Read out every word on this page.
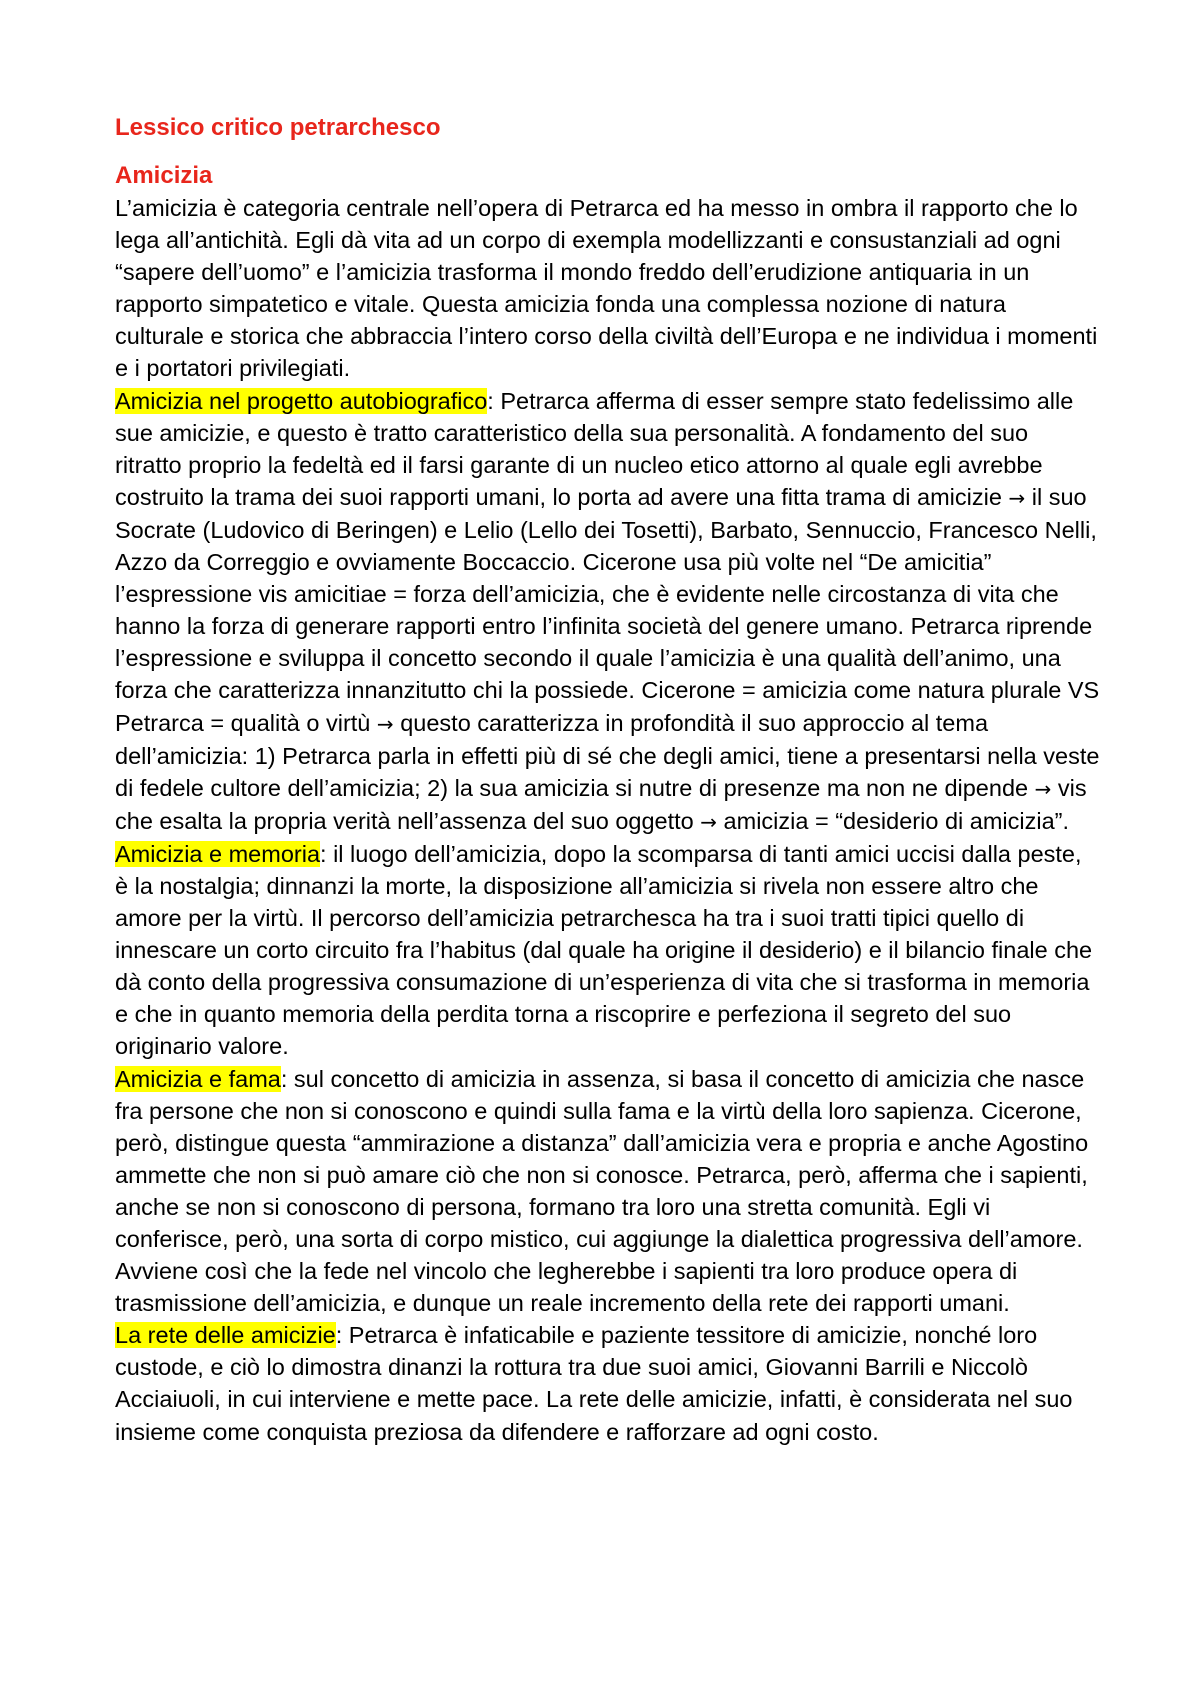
Lessico critico petrarchesco
Amicizia

L’amicizia è categoria centrale nell’opera di Petrarca ed ha messo in ombra il rapporto che lo lega all’antichità. Egli dà vita ad un corpo di exempla modellizzanti e consustanziali ad ogni “sapere dell’uomo” e l’amicizia trasforma il mondo freddo dell’erudizione antiquaria in un rapporto simpatetico e vitale. Questa amicizia fonda una complessa nozione di natura culturale e storica che abbraccia l’intero corso della civiltà dell’Europa e ne individua i momenti e i portatori privilegiati.

Amicizia nel progetto autobiografico: Petrarca afferma di esser sempre stato fedelissimo alle sue amicizie, e questo è tratto caratteristico della sua personalità. A fondamento del suo ritratto proprio la fedeltà ed il farsi garante di un nucleo etico attorno al quale egli avrebbe costruito la trama dei suoi rapporti umani, lo porta ad avere una fitta trama di amicizie → il suo Socrate (Ludovico di Beringen) e Lelio (Lello dei Tosetti), Barbato, Sennuccio, Francesco Nelli, Azzo da Correggio e ovviamente Boccaccio. Cicerone usa più volte nel “De amicitia” l’espressione vis amicitiae = forza dell’amicizia, che è evidente nelle circostanza di vita che hanno la forza di generare rapporti entro l’infinita società del genere umano. Petrarca riprende l’espressione e sviluppa il concetto secondo il quale l’amicizia è una qualità dell’animo, una forza che caratterizza innanzitutto chi la possiede. Cicerone = amicizia come natura plurale VS Petrarca = qualità o virtù → questo caratterizza in profondità il suo approccio al tema dell’amicizia: 1) Petrarca parla in effetti più di sé che degli amici, tiene a presentarsi nella veste di fedele cultore dell’amicizia; 2) la sua amicizia si nutre di presenze ma non ne dipende → vis che esalta la propria verità nell’assenza del suo oggetto → amicizia = “desiderio di amicizia”.

Amicizia e memoria: il luogo dell’amicizia, dopo la scomparsa di tanti amici uccisi dalla peste, è la nostalgia; dinnanzi la morte, la disposizione all’amicizia si rivela non essere altro che amore per la virtù. Il percorso dell’amicizia petrarchesca ha tra i suoi tratti tipici quello di innescare un corto circuito fra l’habitus (dal quale ha origine il desiderio) e il bilancio finale che dà conto della progressiva consumazione di un’esperienza di vita che si trasforma in memoria e che in quanto memoria della perdita torna a riscoprire e perfeziona il segreto del suo originario valore.

Amicizia e fama: sul concetto di amicizia in assenza, si basa il concetto di amicizia che nasce fra persone che non si conoscono e quindi sulla fama e la virtù della loro sapienza. Cicerone, però, distingue questa “ammirazione a distanza” dall’amicizia vera e propria e anche Agostino ammette che non si può amare ciò che non si conosce. Petrarca, però, afferma che i sapienti, anche se non si conoscono di persona, formano tra loro una stretta comunità. Egli vi conferisce, però, una sorta di corpo mistico, cui aggiunge la dialettica progressiva dell’amore. Avviene così che la fede nel vincolo che legherebbe i sapienti tra loro produce opera di trasmissione dell’amicizia, e dunque un reale incremento della rete dei rapporti umani.

La rete delle amicizie: Petrarca è infaticabile e paziente tessitore di amicizie, nonché loro custode, e ciò lo dimostra dinanzi la rottura tra due suoi amici, Giovanni Barrili e Niccolò Acciaiuoli, in cui interviene e mette pace. La rete delle amicizie, infatti, è considerata nel suo insieme come conquista preziosa da difendere e rafforzare ad ogni costo.
